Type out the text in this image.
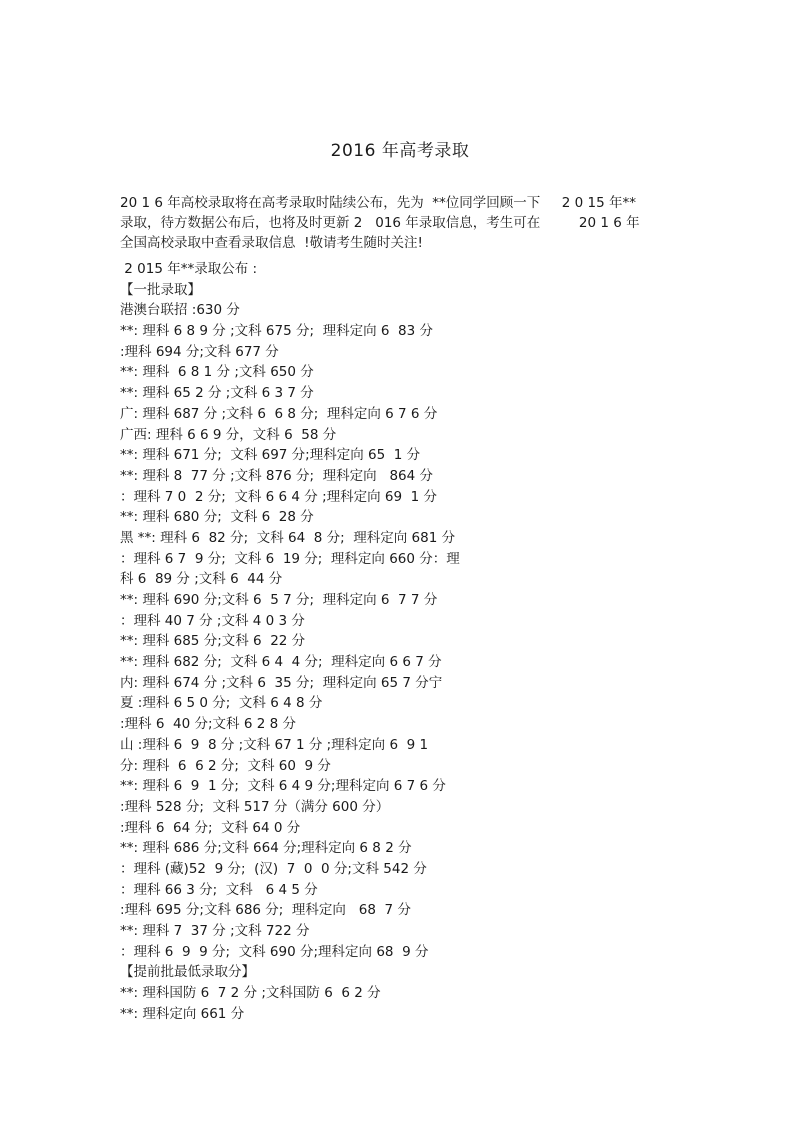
2016 年高考录取
20 1 6 年高校录取将在高考录取时陆续公布，先为  **位同学回顾一下     2 0 15 年**
录取，待方数据公布后，也将及时更新 2   016 年录取信息，考生可在         20 1 6 年
全国高校录取中查看录取信息  !敬请考生随时关注!
2 015 年**录取公布 :
【一批录取】
港澳台联招 :630 分
**: 理科 6 8 9 分 ;文科 675 分;  理科定向 6  83 分
:理科 694 分;文科 677 分
**: 理科  6 8 1 分 ;文科 650 分
**: 理科 65 2 分 ;文科 6 3 7 分
广: 理科 687 分 ;文科 6  6 8 分;  理科定向 6 7 6 分
广西: 理科 6 6 9 分，文科 6  58 分
**: 理科 671 分;  文科 697 分;理科定向 65  1 分
**: 理科 8  77 分 ;文科 876 分;  理科定向   864 分
：理科 7 0  2 分;  文科 6 6 4 分 ;理科定向 69  1 分
**: 理科 680 分;  文科 6  28 分
黑 **: 理科 6  82 分;  文科 64  8 分;  理科定向 681 分
：理科 6 7  9 分;  文科 6  19 分;  理科定向 660 分：理
科 6  89 分 ;文科 6  44 分
**: 理科 690 分;文科 6  5 7 分;  理科定向 6  7 7 分
：理科 40 7 分 ;文科 4 0 3 分
**: 理科 685 分;文科 6  22 分
**: 理科 682 分;  文科 6 4  4 分;  理科定向 6 6 7 分
内: 理科 674 分 ;文科 6  35 分;  理科定向 65 7 分宁
夏 :理科 6 5 0 分;  文科 6 4 8 分
:理科 6  40 分;文科 6 2 8 分
山 :理科 6  9  8 分 ;文科 67 1 分 ;理科定向 6  9 1
分: 理科  6  6 2 分;  文科 60  9 分
**: 理科 6  9  1 分;  文科 6 4 9 分;理科定向 6 7 6 分
:理科 528 分;  文科 517 分（满分 600 分）
:理科 6  64 分;  文科 64 0 分
**: 理科 686 分;文科 664 分;理科定向 6 8 2 分
：理科 (藏)52  9 分;  (汉)  7  0  0 分;文科 542 分
：理科 66 3 分;  文科   6 4 5 分
:理科 695 分;文科 686 分;  理科定向   68  7 分
**: 理科 7  37 分 ;文科 722 分
：理科 6  9  9 分;  文科 690 分;理科定向 68  9 分
【提前批最低录取分】
**: 理科国防 6  7 2 分 ;文科国防 6  6 2 分
**: 理科定向 661 分
